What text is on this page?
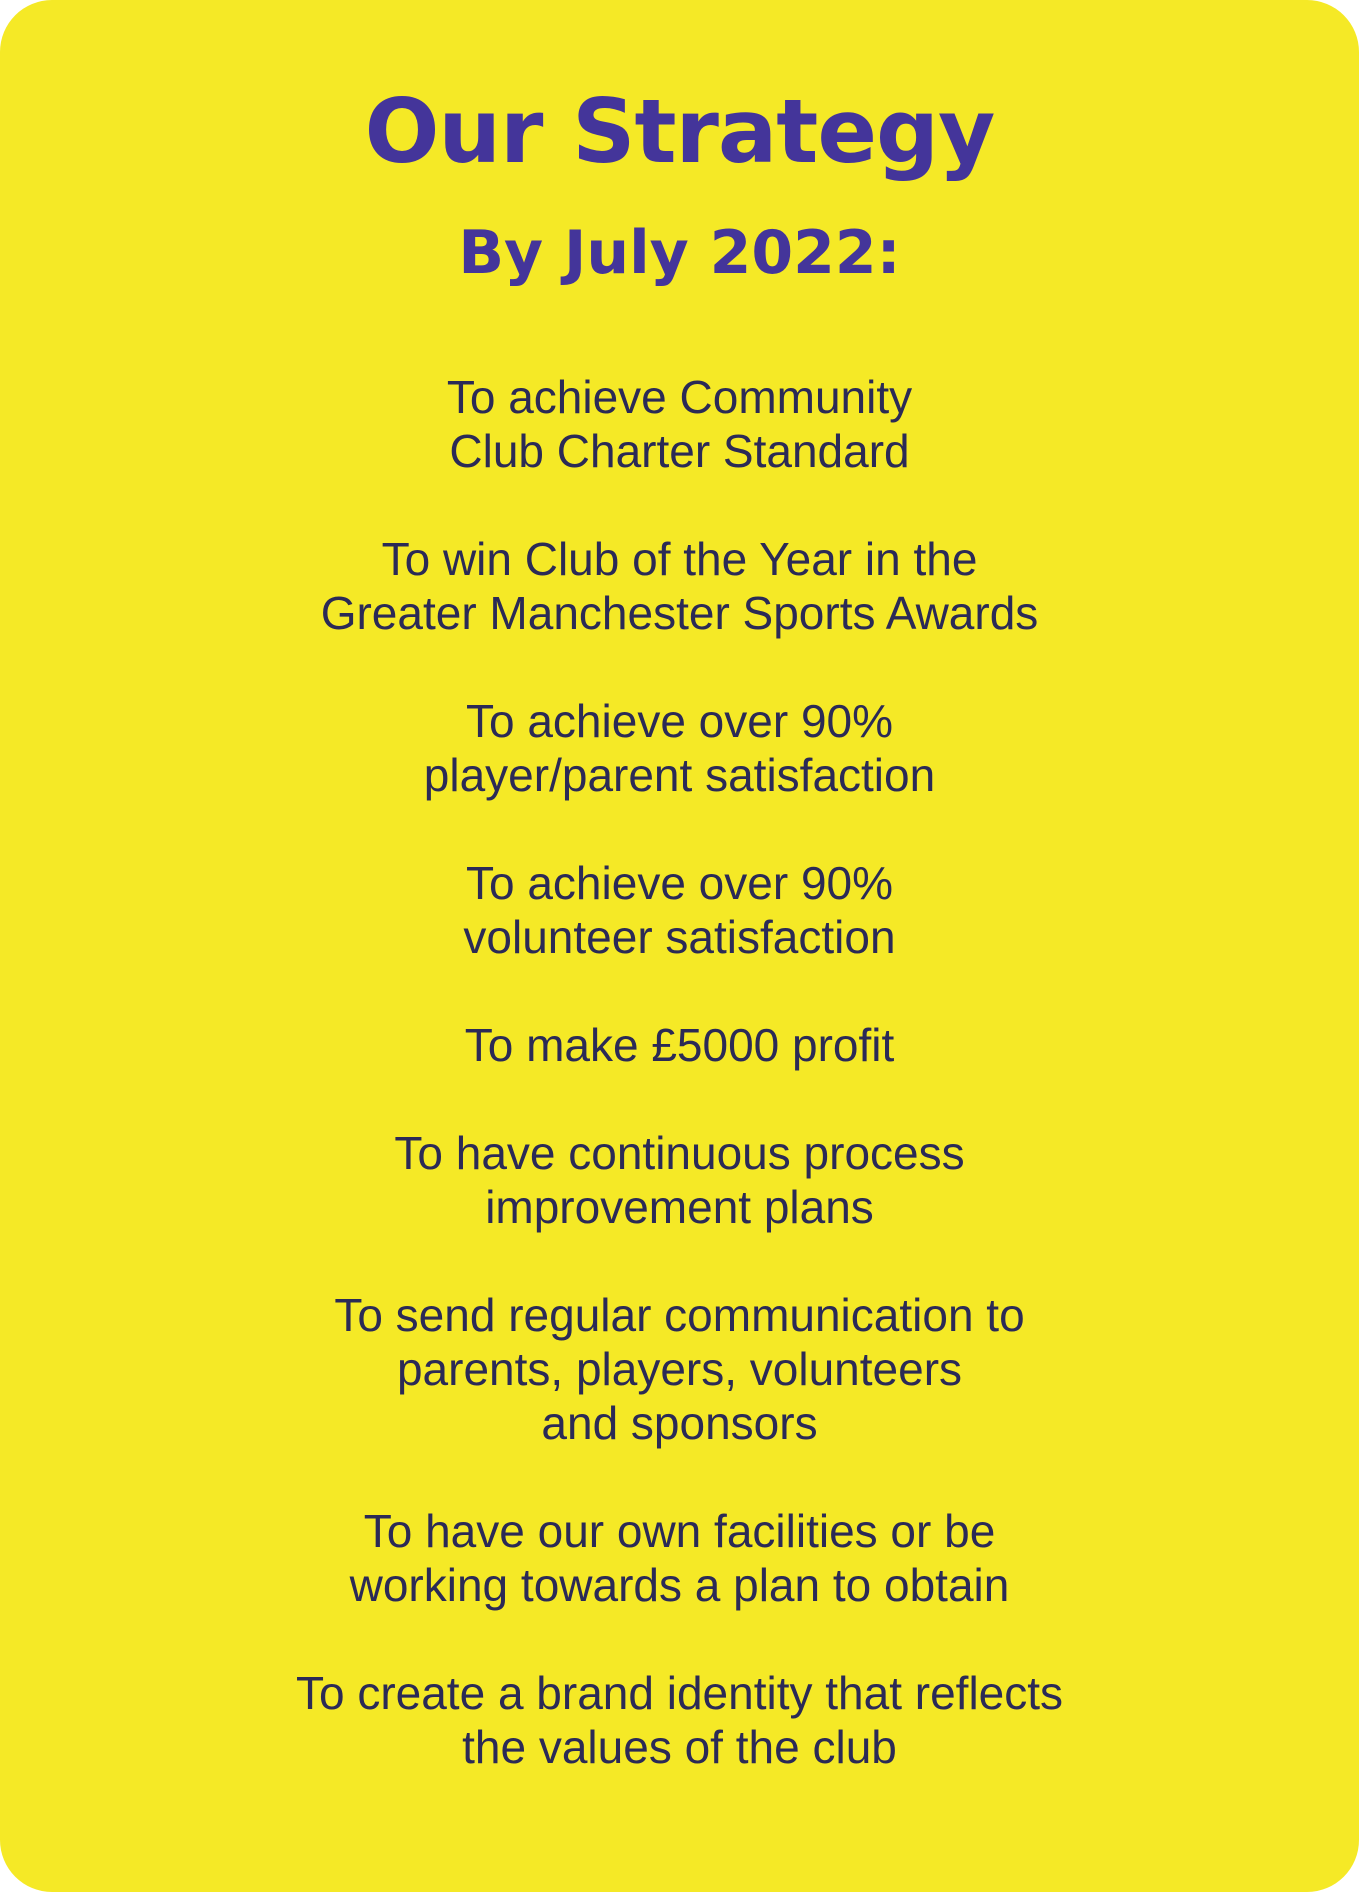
Our Strategy
By July 2022:
To achieve Community
Club Charter Standard
To win Club of the Year in the
Greater Manchester Sports Awards
To achieve over 90%
player/parent satisfaction
To achieve over 90%
volunteer satisfaction
To make £5000 profit
To have continuous process
improvement plans
To send regular communication to
parents, players, volunteers
and sponsors
To have our own facilities or be
working towards a plan to obtain
To create a brand identity that reflects
the values of the club
